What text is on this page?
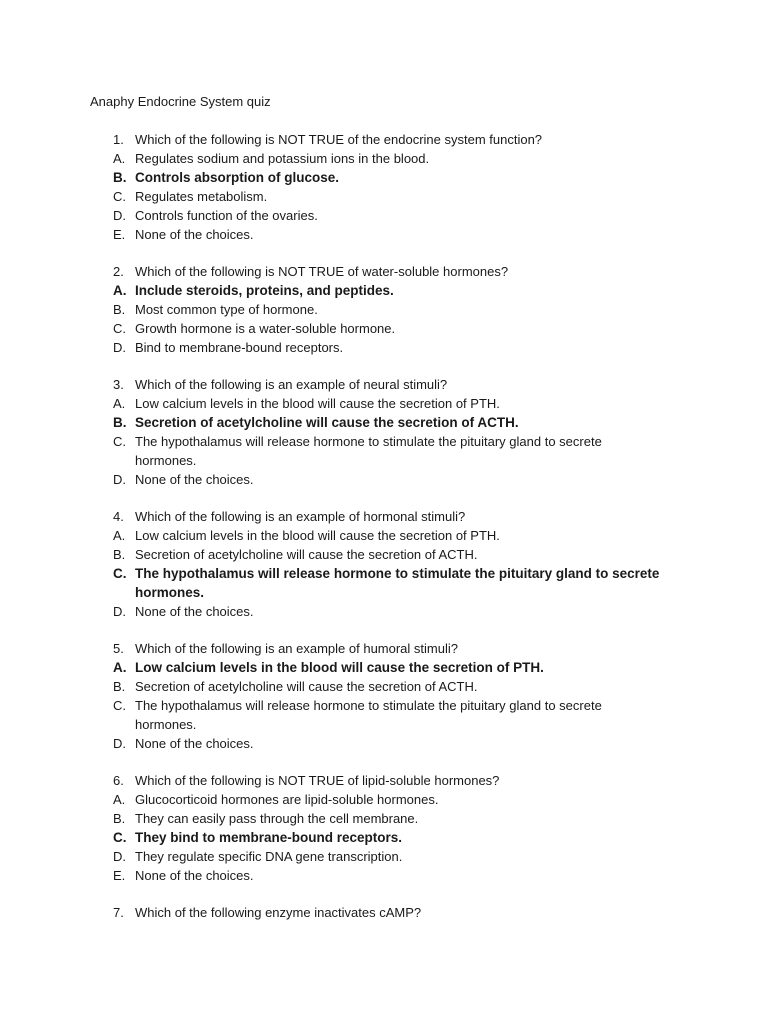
Anaphy Endocrine System quiz
1. Which of the following is NOT TRUE of the endocrine system function?
A. Regulates sodium and potassium ions in the blood.
B. Controls absorption of glucose.
C. Regulates metabolism.
D. Controls function of the ovaries.
E. None of the choices.
2. Which of the following is NOT TRUE of water-soluble hormones?
A. Include steroids, proteins, and peptides.
B. Most common type of hormone.
C. Growth hormone is a water-soluble hormone.
D. Bind to membrane-bound receptors.
3. Which of the following is an example of neural stimuli?
A. Low calcium levels in the blood will cause the secretion of PTH.
B. Secretion of acetylcholine will cause the secretion of ACTH.
C. The hypothalamus will release hormone to stimulate the pituitary gland to secrete hormones.
D. None of the choices.
4. Which of the following is an example of hormonal stimuli?
A. Low calcium levels in the blood will cause the secretion of PTH.
B. Secretion of acetylcholine will cause the secretion of ACTH.
C. The hypothalamus will release hormone to stimulate the pituitary gland to secrete hormones.
D. None of the choices.
5. Which of the following is an example of humoral stimuli?
A. Low calcium levels in the blood will cause the secretion of PTH.
B. Secretion of acetylcholine will cause the secretion of ACTH.
C. The hypothalamus will release hormone to stimulate the pituitary gland to secrete hormones.
D. None of the choices.
6. Which of the following is NOT TRUE of lipid-soluble hormones?
A. Glucocorticoid hormones are lipid-soluble hormones.
B. They can easily pass through the cell membrane.
C. They bind to membrane-bound receptors.
D. They regulate specific DNA gene transcription.
E. None of the choices.
7. Which of the following enzyme inactivates cAMP?
